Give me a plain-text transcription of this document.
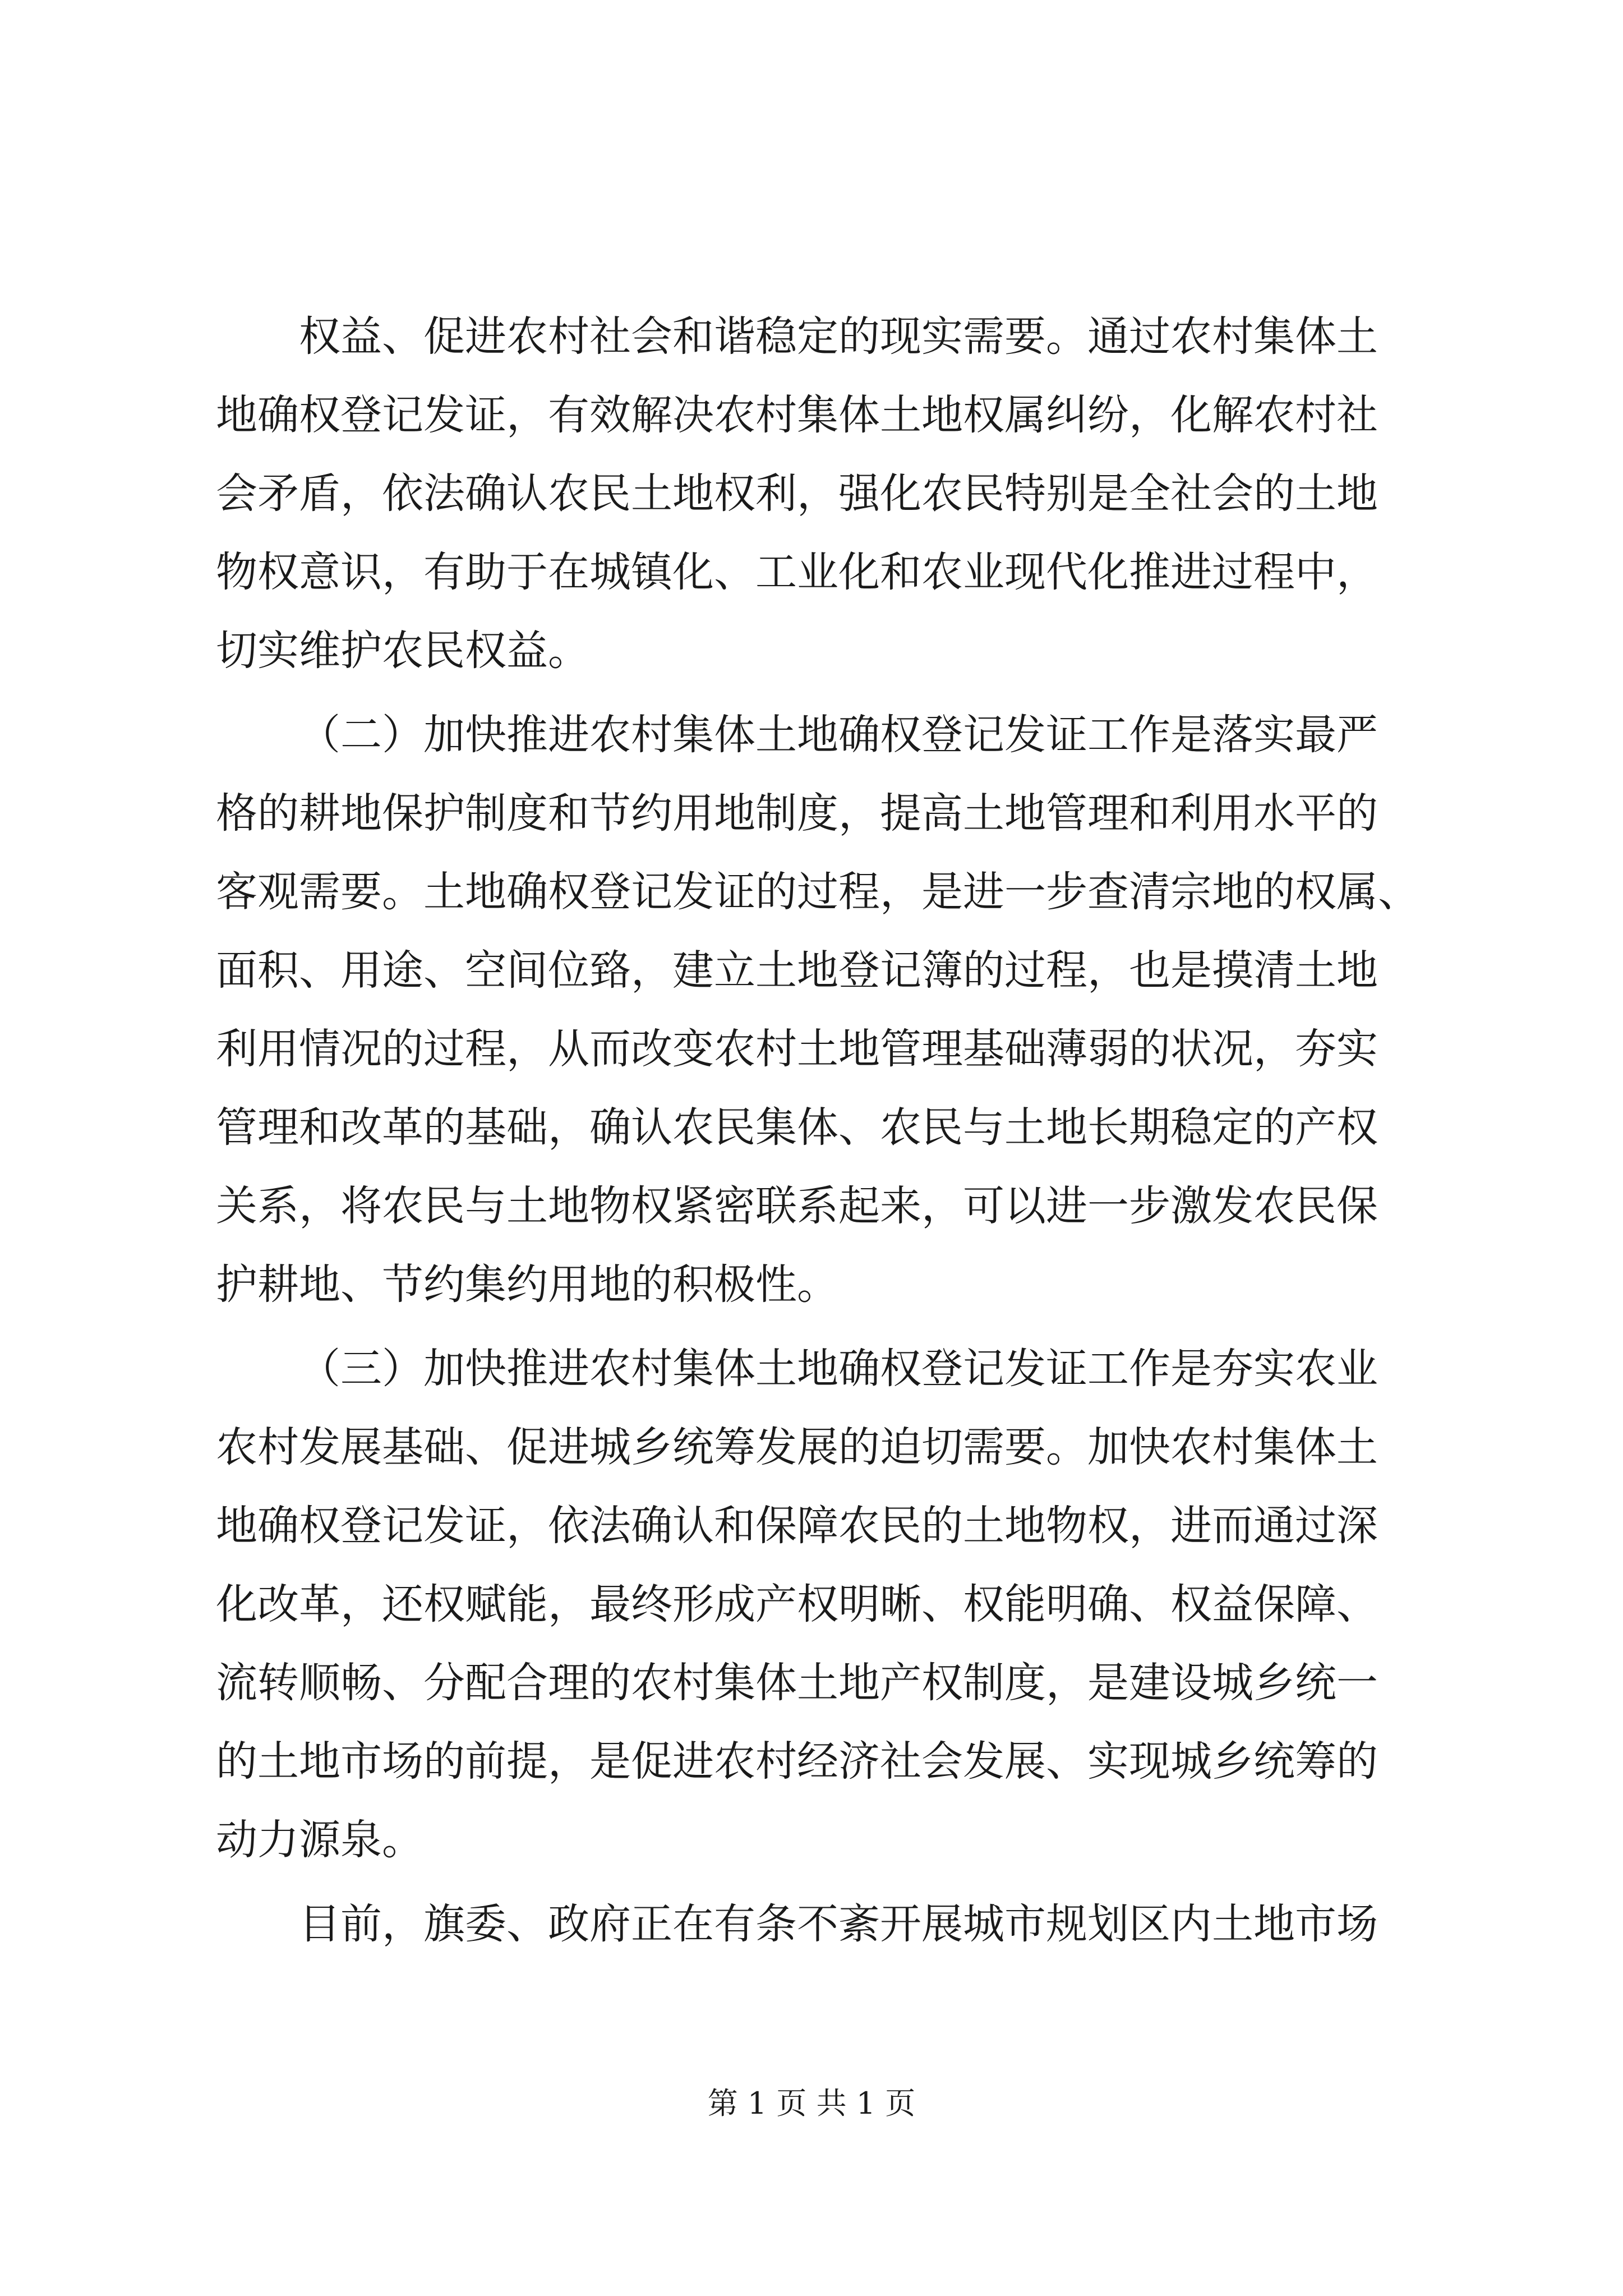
权益、促进农村社会和谐稳定的现实需要。通过农村集体土
地确权登记发证，有效解决农村集体土地权属纠纷，化解农村社
会矛盾，依法确认农民土地权利，强化农民特别是全社会的土地
物权意识，有助于在城镇化、工业化和农业现代化推进过程中，
切实维护农民权益。
（二）加快推进农村集体土地确权登记发证工作是落实最严
格的耕地保护制度和节约用地制度，提高土地管理和利用水平的
客观需要。土地确权登记发证的过程，是进一步查清宗地的权属、
面积、用途、空间位臵，建立土地登记簿的过程，也是摸清土地
利用情况的过程，从而改变农村土地管理基础薄弱的状况，夯实
管理和改革的基础，确认农民集体、农民与土地长期稳定的产权
关系，将农民与土地物权紧密联系起来，可以进一步激发农民保
护耕地、节约集约用地的积极性。
（三）加快推进农村集体土地确权登记发证工作是夯实农业
农村发展基础、促进城乡统筹发展的迫切需要。加快农村集体土
地确权登记发证，依法确认和保障农民的土地物权，进而通过深
化改革，还权赋能，最终形成产权明晰、权能明确、权益保障、
流转顺畅、分配合理的农村集体土地产权制度，是建设城乡统一
的土地市场的前提，是促进农村经济社会发展、实现城乡统筹的
动力源泉。
目前，旗委、政府正在有条不紊开展城市规划区内土地市场
第 1 页 共 1 页
